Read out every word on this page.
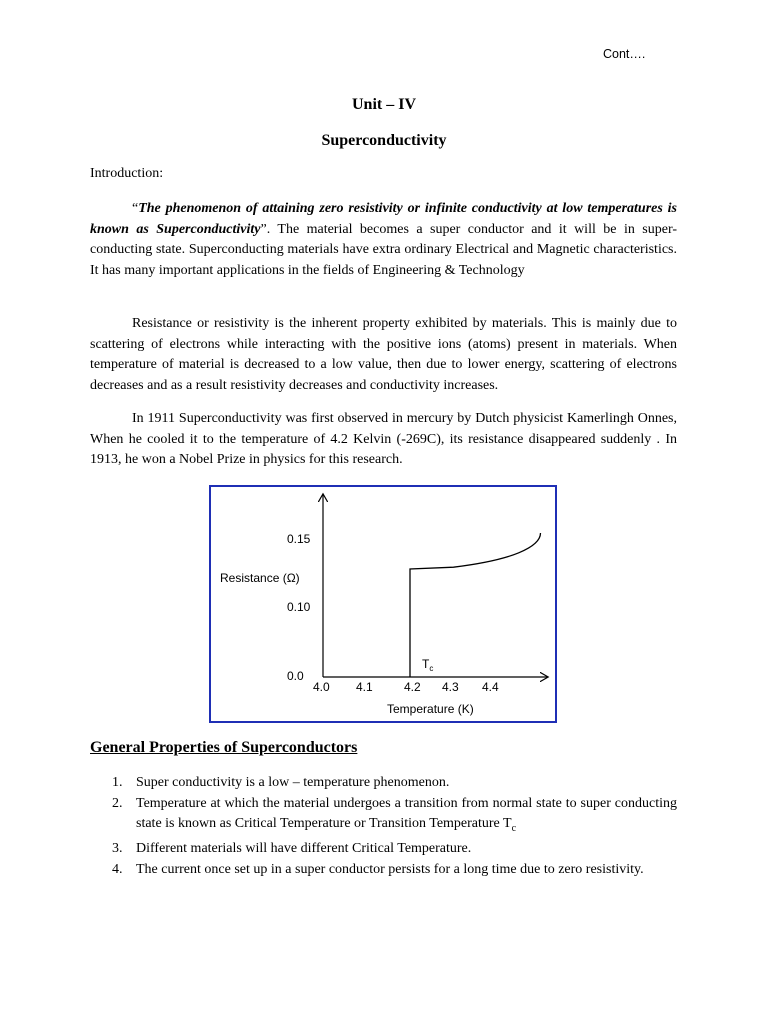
Cont….
Unit – IV
Superconductivity
Introduction:

“The phenomenon of attaining zero resistivity or infinite conductivity at low temperatures is known as Superconductivity”. The material becomes a super conductor and it will be in super-conducting state. Superconducting materials have extra ordinary Electrical and Magnetic characteristics. It has many important applications in the fields of Engineering & Technology

Resistance or resistivity is the inherent property exhibited by materials. This is mainly due to scattering of electrons while interacting with the positive ions (atoms) present in materials. When temperature of material is decreased to a low value, then due to lower energy, scattering of electrons decreases and as a result resistivity decreases and conductivity increases.

In 1911 Superconductivity was first observed in mercury by Dutch physicist Kamerlingh Onnes, When he cooled it to the temperature of 4.2 Kelvin (-269C), its resistance disappeared suddenly . In 1913, he won a Nobel Prize in physics for this research.

0.15
Resistance (Ω)
0.10
0.0
4.0 4.1	4.2 4.3 4.4
Temperature (K)
$T_c$
General Properties of Superconductors
1. Super conductivity is a low – temperature phenomenon.
2. Temperature at which the material undergoes a transition from normal state to super conducting state is known as Critical Temperature or Transition Temperature $T_c$
3. Different materials will have different Critical Temperature.
4. The current once set up in a super conductor persists for a long time due to zero resistivity.
